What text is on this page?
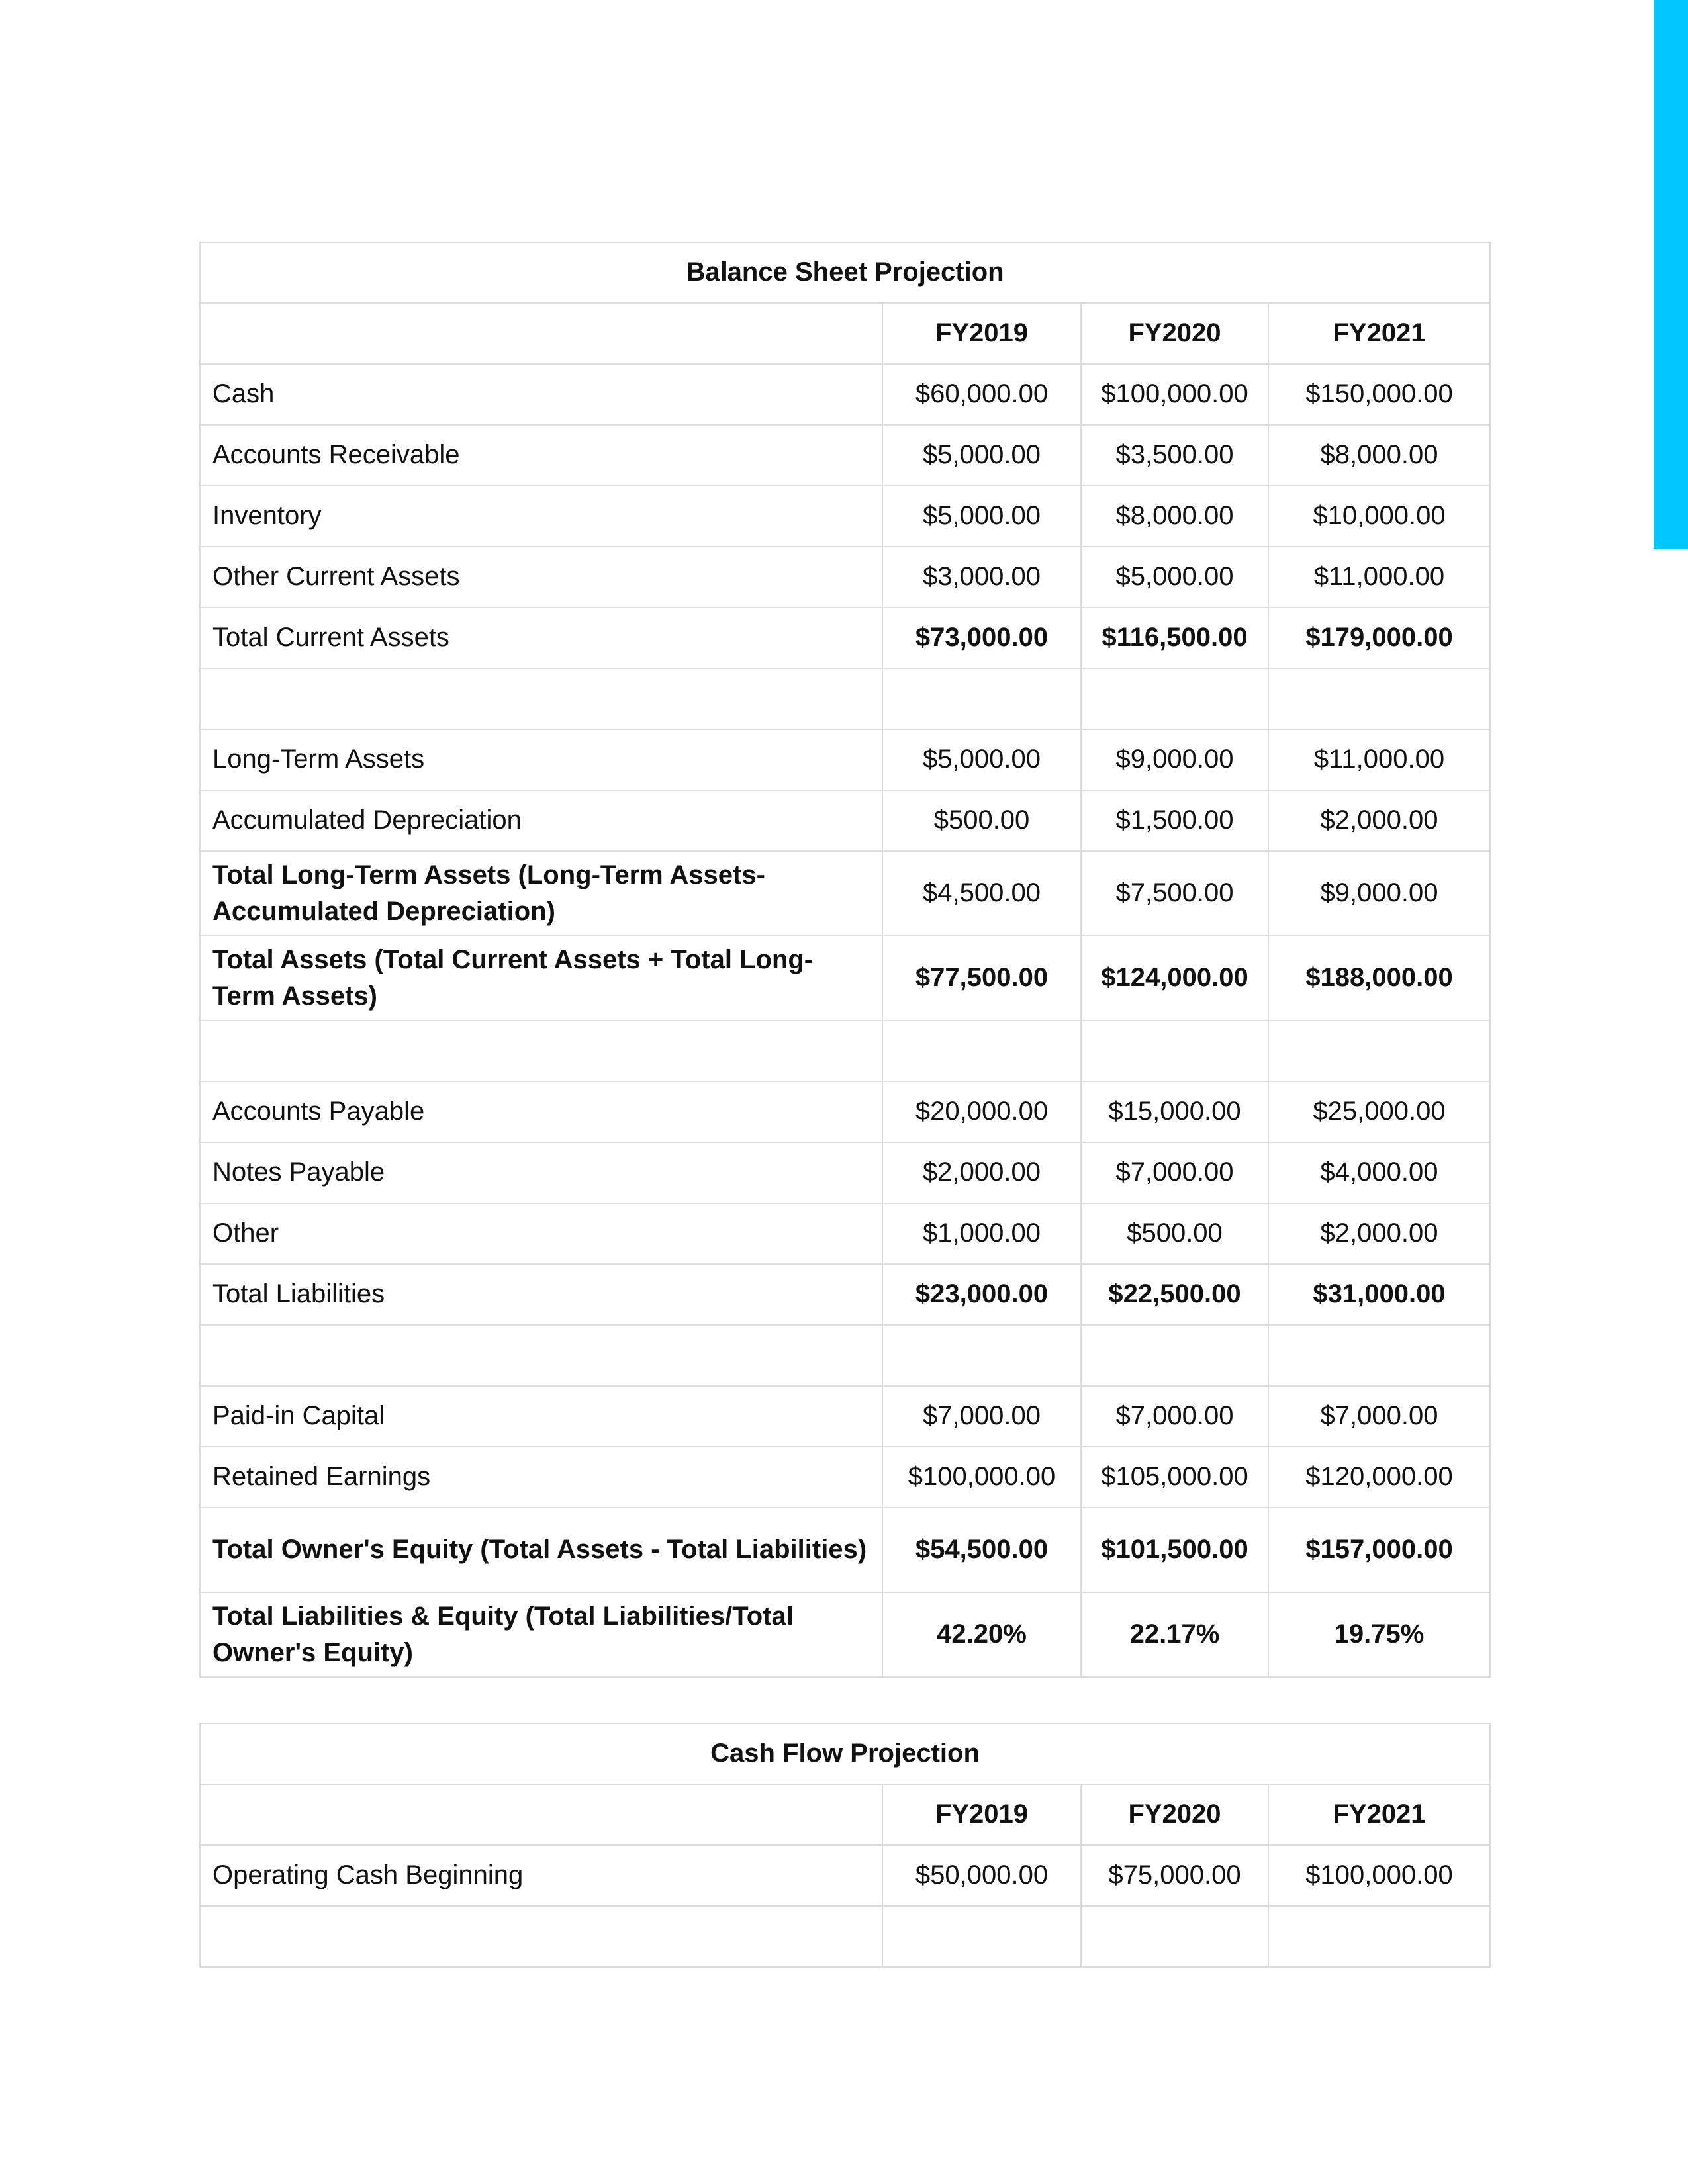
Balance Sheet Projection			
	FY2019	FY2020	FY2021
Cash	$60,000.00	$100,000.00	$150,000.00
Accounts Receivable	$5,000.00	$3,500.00	$8,000.00
Inventory	$5,000.00	$8,000.00	$10,000.00
Other Current Assets	$3,000.00	$5,000.00	$11,000.00
Total Current Assets	$73,000.00	$116,500.00	$179,000.00

Long-Term Assets	$5,000.00	$9,000.00	$11,000.00
Accumulated Depreciation	$500.00	$1,500.00	$2,000.00
Total Long-Term Assets (Long-Term Assets-Accumulated Depreciation)	$4,500.00	$7,500.00	$9,000.00
Total Assets (Total Current Assets + Total Long-Term Assets)	$77,500.00	$124,000.00	$188,000.00

Accounts Payable	$20,000.00	$15,000.00	$25,000.00
Notes Payable	$2,000.00	$7,000.00	$4,000.00
Other	$1,000.00	$500.00	$2,000.00
Total Liabilities	$23,000.00	$22,500.00	$31,000.00

Paid-in Capital	$7,000.00	$7,000.00	$7,000.00
Retained Earnings	$100,000.00	$105,000.00	$120,000.00
Total Owner's Equity (Total Assets - Total Liabilities)	$54,500.00	$101,500.00	$157,000.00
Total Liabilities & Equity (Total Liabilities/Total Owner's Equity)	42.20%	22.17%	19.75%
Cash Flow Projection			
	FY2019	FY2020	FY2021
Operating Cash Beginning	$50,000.00	$75,000.00	$100,000.00
